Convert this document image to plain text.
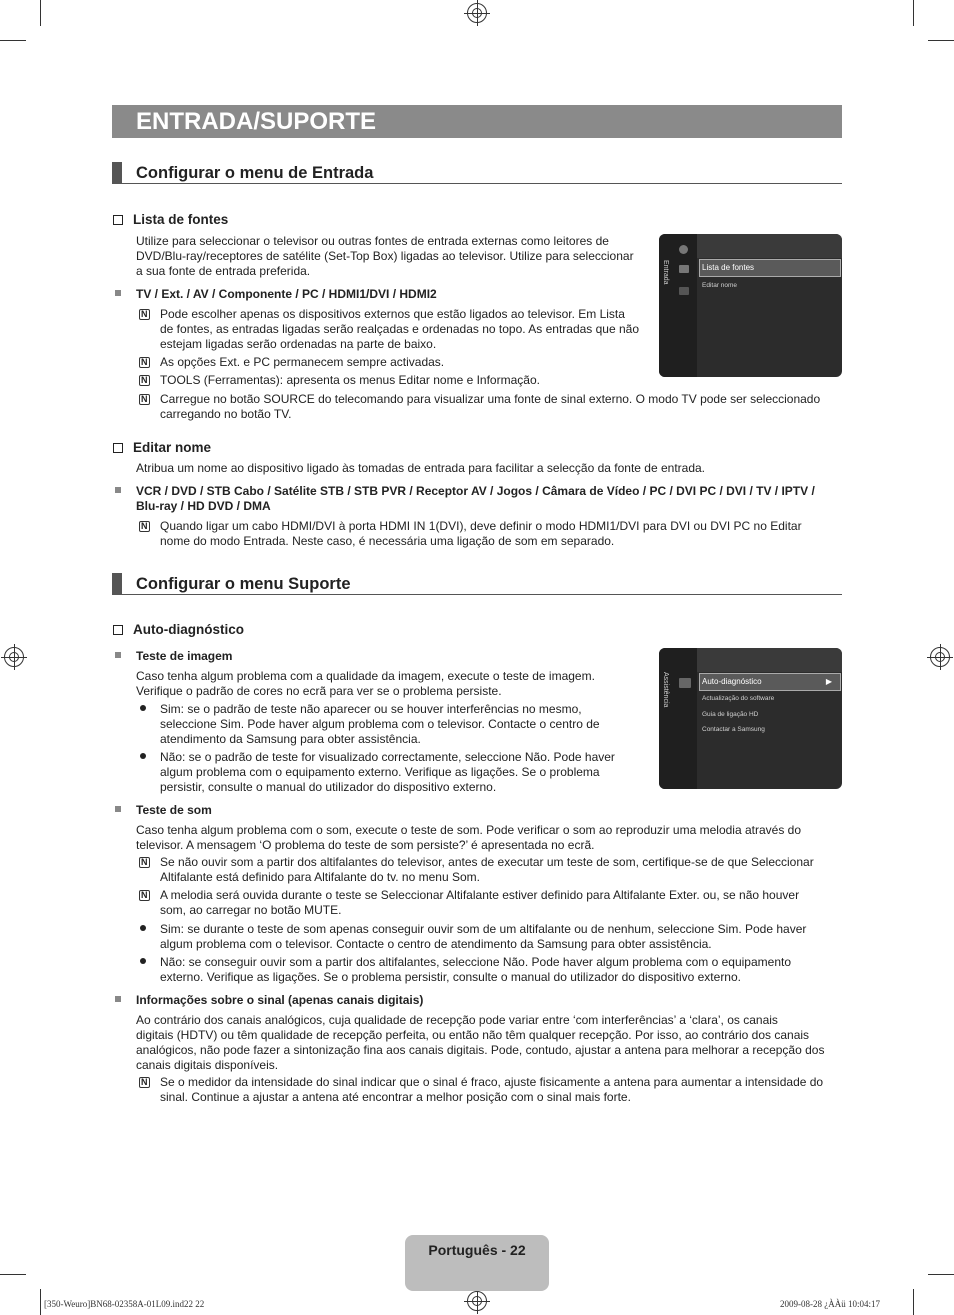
ENTRADA/SUPORTE
Configurar o menu de Entrada
Lista de fontes
Utilize para seleccionar o televisor ou outras fontes de entrada externas como leitores de
DVD/Blu-ray/receptores de satélite (Set-Top Box) ligadas ao televisor. Utilize para seleccionar
a sua fonte de entrada preferida.
TV / Ext. / AV / Componente / PC / HDMI1/DVI / HDMI2
N
Pode escolher apenas os dispositivos externos que estão ligados ao televisor. Em Lista
de fontes, as entradas ligadas serão realçadas e ordenadas no topo. As entradas que não
estejam ligadas serão ordenadas na parte de baixo.
N
As opções Ext. e PC permanecem sempre activadas.
N
TOOLS (Ferramentas): apresenta os menus Editar nome e Informação.
N
Carregue no botão SOURCE do telecomando para visualizar uma fonte de sinal externo. O modo TV pode ser seleccionado
carregando no botão TV.
Entrada	Lista de fontes
Editar nome
Editar nome
Atribua um nome ao dispositivo ligado às tomadas de entrada para facilitar a selecção da fonte de entrada.
VCR / DVD / STB Cabo / Satélite STB / STB PVR / Receptor AV / Jogos / Câmara de Vídeo / PC / DVI PC / DVI / TV / IPTV /
Blu-ray / HD DVD / DMA
N
Quando ligar um cabo HDMI/DVI à porta HDMI IN 1(DVI), deve definir o modo HDMI1/DVI para DVI ou DVI PC no Editar
nome do modo Entrada. Neste caso, é necessária uma ligação de som em separado.
Configurar o menu Suporte
Auto-diagnóstico
Teste de imagem
Caso tenha algum problema com a qualidade da imagem, execute o teste de imagem.
Verifique o padrão de cores no ecrã para ver se o problema persiste.
Sim: se o padrão de teste não aparecer ou se houver interferências no mesmo,
seleccione Sim. Pode haver algum problema com o televisor. Contacte o centro de
atendimento da Samsung para obter assistência.
Não: se o padrão de teste for visualizado correctamente, seleccione Não. Pode haver
algum problema com o equipamento externo. Verifique as ligações. Se o problema
persistir, consulte o manual do utilizador do dispositivo externo.
Assistência	Auto-diagnóstico	▶
Actualização do software
Guia de ligação HD
Contactar a Samsung
Teste de som
Caso tenha algum problema com o som, execute o teste de som. Pode verificar o som ao reproduzir uma melodia através do
televisor. A mensagem ‘O problema do teste de som persiste?’ é apresentada no ecrã.
N
Se não ouvir som a partir dos altifalantes do televisor, antes de executar um teste de som, certifique-se de que Seleccionar
Altifalante está definido para Altifalante do tv. no menu Som.
N
A melodia será ouvida durante o teste se Seleccionar Altifalante estiver definido para Altifalante Exter. ou, se não houver
som, ao carregar no botão MUTE.
Sim: se durante o teste de som apenas conseguir ouvir som de um altifalante ou de nenhum, seleccione Sim. Pode haver
algum problema com o televisor. Contacte o centro de atendimento da Samsung para obter assistência.
Não: se conseguir ouvir som a partir dos altifalantes, seleccione Não. Pode haver algum problema com o equipamento
externo. Verifique as ligações. Se o problema persistir, consulte o manual do utilizador do dispositivo externo.
Informações sobre o sinal (apenas canais digitais)
Ao contrário dos canais analógicos, cuja qualidade de recepção pode variar entre ‘com interferências’ a ‘clara’, os canais
digitais (HDTV) ou têm qualidade de recepção perfeita, ou então não têm qualquer recepção. Por isso, ao contrário dos canais
analógicos, não pode fazer a sintonização fina aos canais digitais. Pode, contudo, ajustar a antena para melhorar a recepção dos
canais digitais disponíveis.
N
Se o medidor da intensidade do sinal indicar que o sinal é fraco, ajuste fisicamente a antena para aumentar a intensidade do
sinal. Continue a ajustar a antena até encontrar a melhor posição com o sinal mais forte.
Português - 22
[350-Weuro]BN68-02358A-01L09.ind22 22	2009-08-28 ¿ÀÀü 10:04:17
